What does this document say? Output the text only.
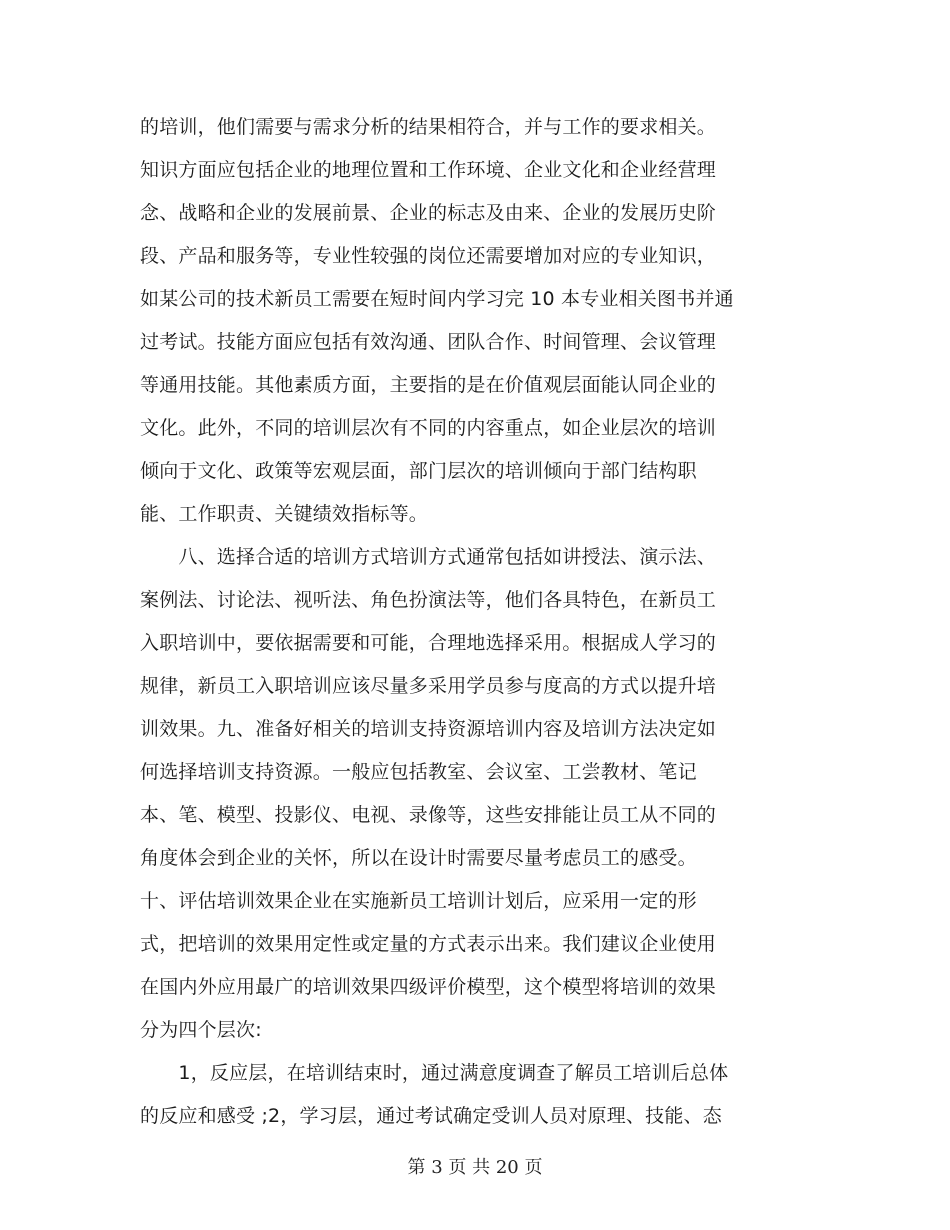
的培训，他们需要与需求分析的结果相符合，并与工作的要求相关。
知识方面应包括企业的地理位置和工作环境、企业文化和企业经营理
念、战略和企业的发展前景、企业的标志及由来、企业的发展历史阶
段、产品和服务等，专业性较强的岗位还需要增加对应的专业知识，
如某公司的技术新员工需要在短时间内学习完 10 本专业相关图书并通
过考试。技能方面应包括有效沟通、团队合作、时间管理、会议管理
等通用技能。其他素质方面，主要指的是在价值观层面能认同企业的
文化。此外，不同的培训层次有不同的内容重点，如企业层次的培训
倾向于文化、政策等宏观层面，部门层次的培训倾向于部门结构职
能、工作职责、关键绩效指标等。
　　八、选择合适的培训方式培训方式通常包括如讲授法、演示法、
案例法、讨论法、视听法、角色扮演法等，他们各具特色，在新员工
入职培训中，要依据需要和可能，合理地选择采用。根据成人学习的
规律，新员工入职培训应该尽量多采用学员参与度高的方式以提升培
训效果。九、准备好相关的培训支持资源培训内容及培训方法决定如
何选择培训支持资源。一般应包括教室、会议室、工尝教材、笔记
本、笔、模型、投影仪、电视、录像等，这些安排能让员工从不同的
角度体会到企业的关怀，所以在设计时需要尽量考虑员工的感受。
十、评估培训效果企业在实施新员工培训计划后，应采用一定的形
式，把培训的效果用定性或定量的方式表示出来。我们建议企业使用
在国内外应用最广的培训效果四级评价模型，这个模型将培训的效果
分为四个层次:
　　1，反应层，在培训结束时，通过满意度调查了解员工培训后总体
的反应和感受 ;2，学习层，通过考试确定受训人员对原理、技能、态
第 3 页 共 20 页
